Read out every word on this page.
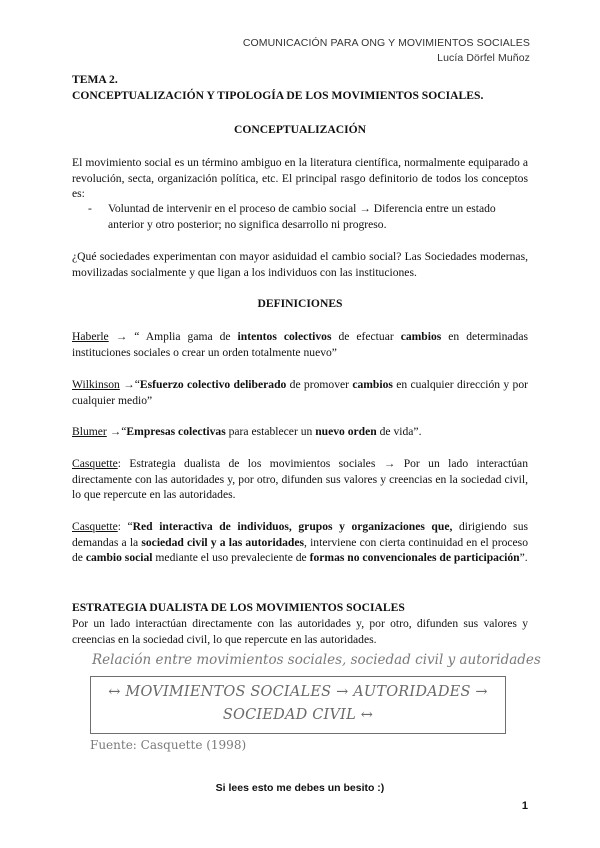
COMUNICACIÓN PARA ONG Y MOVIMIENTOS SOCIALES
Lucía Dörfel Muñoz
TEMA 2.
CONCEPTUALIZACIÓN Y TIPOLOGÍA DE LOS MOVIMIENTOS SOCIALES.
CONCEPTUALIZACIÓN

El movimiento social es un término ambiguo en la literatura científica, normalmente equiparado a revolución, secta, organización política, etc. El principal rasgo definitorio de todos los conceptos es:

- Voluntad de intervenir en el proceso de cambio social → Diferencia entre un estado anterior y otro posterior; no significa desarrollo ni progreso.

¿Qué sociedades experimentan con mayor asiduidad el cambio social? Las Sociedades modernas, movilizadas socialmente y que ligan a los individuos con las instituciones.

DEFINICIONES

Haberle → “ Amplia gama de intentos colectivos de efectuar cambios en determinadas instituciones sociales o crear un orden totalmente nuevo”

Wilkinson →“Esfuerzo colectivo deliberado de promover cambios en cualquier dirección y por cualquier medio”

Blumer →“Empresas colectivas para establecer un nuevo orden de vida”.

Casquette: Estrategia dualista de los movimientos sociales → Por un lado interactúan directamente con las autoridades y, por otro, difunden sus valores y creencias en la sociedad civil, lo que repercute en las autoridades.

Casquette: “Red interactiva de individuos, grupos y organizaciones que, dirigiendo sus demandas a la sociedad civil y a las autoridades, interviene con cierta continuidad en el proceso de cambio social mediante el uso prevaleciente de formas no convencionales de participación”.

ESTRATEGIA DUALISTA DE LOS MOVIMIENTOS SOCIALES

Por un lado interactúan directamente con las autoridades y, por otro, difunden sus valores y creencias en la sociedad civil, lo que repercute en las autoridades.

Relación entre movimientos sociales, sociedad civil y autoridades
↔ MOVIMIENTOS SOCIALES → AUTORIDADES →
SOCIEDAD CIVIL ↔
Fuente: Casquette (1998)
Si lees esto me debes un besito :)
1
